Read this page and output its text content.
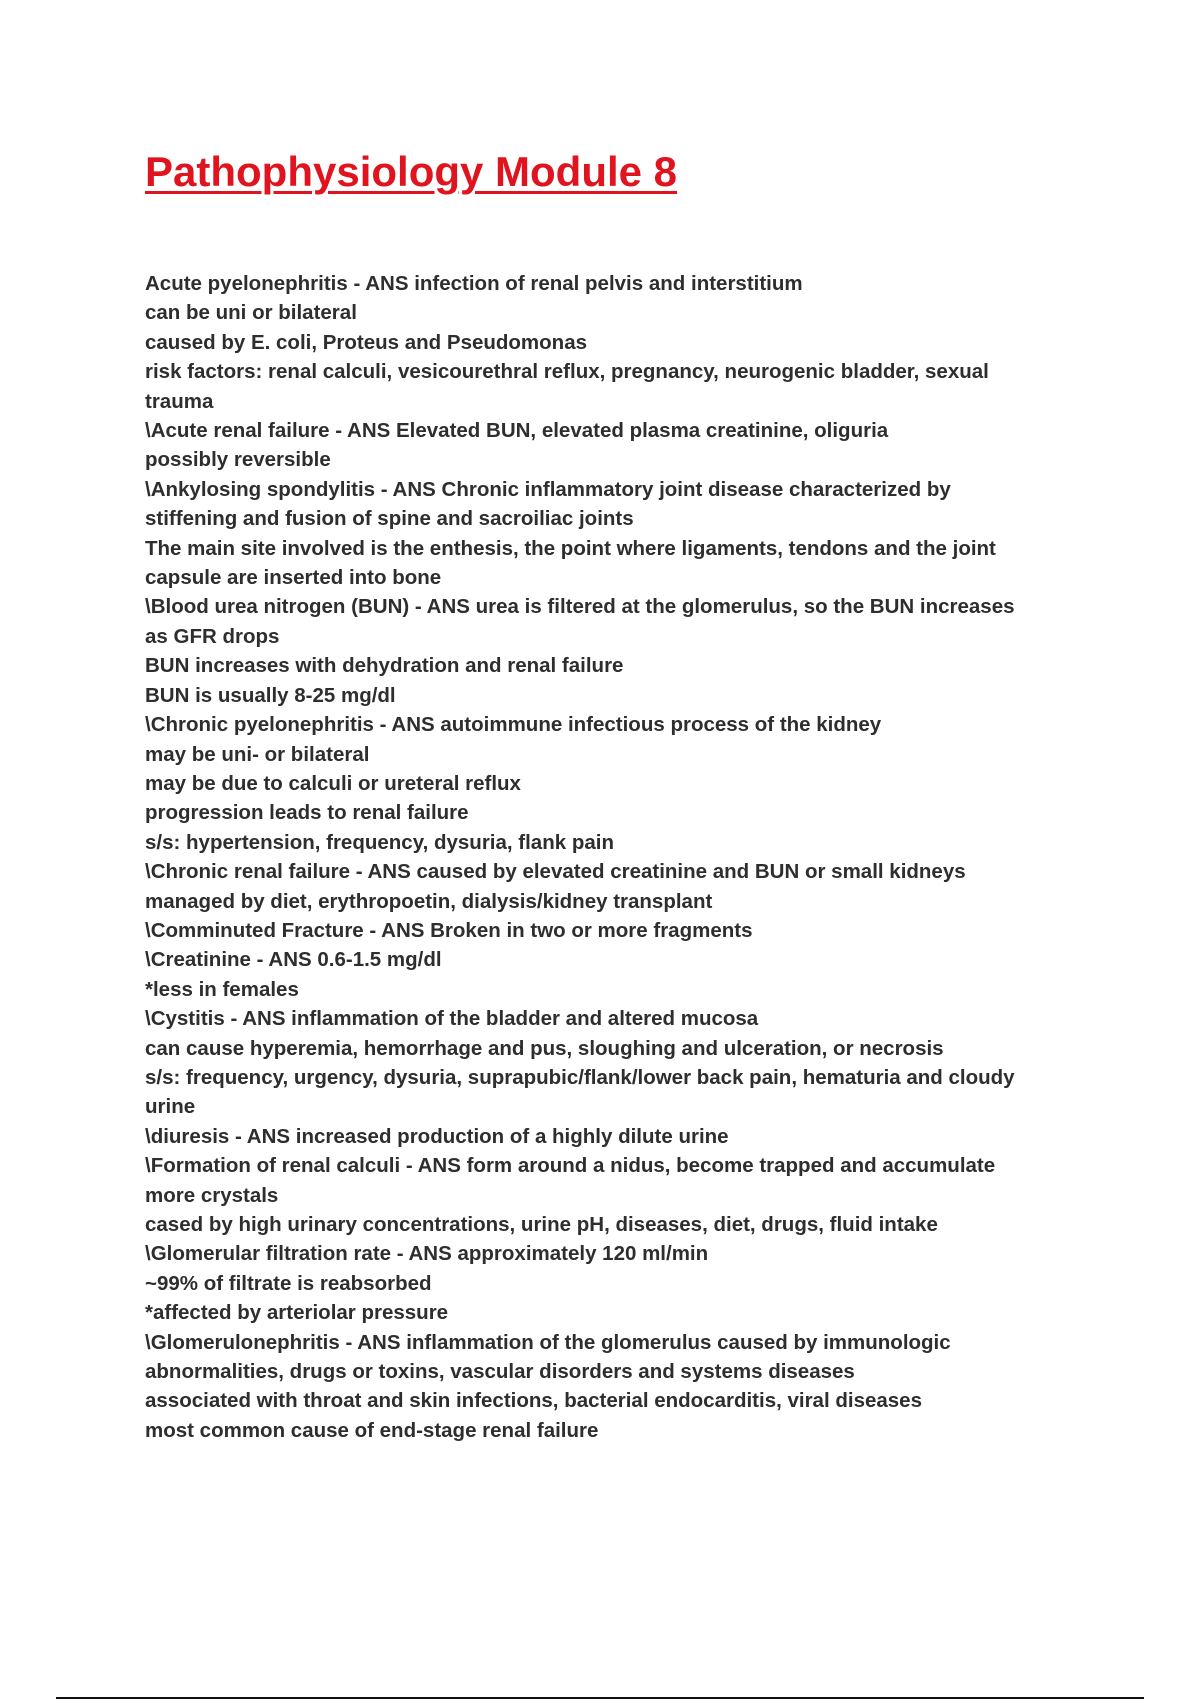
Pathophysiology Module 8
Acute pyelonephritis - ANS infection of renal pelvis and interstitium
can be uni or bilateral
caused by E. coli, Proteus and Pseudomonas
risk factors: renal calculi, vesicourethral reflux, pregnancy, neurogenic bladder, sexual
trauma
\Acute renal failure - ANS Elevated BUN, elevated plasma creatinine, oliguria
possibly reversible
\Ankylosing spondylitis - ANS Chronic inflammatory joint disease characterized by
stiffening and fusion of spine and sacroiliac joints
The main site involved is the enthesis, the point where ligaments, tendons and the joint
capsule are inserted into bone
\Blood urea nitrogen (BUN) - ANS urea is filtered at the glomerulus, so the BUN increases
as GFR drops
BUN increases with dehydration and renal failure
BUN is usually 8-25 mg/dl
\Chronic pyelonephritis - ANS autoimmune infectious process of the kidney
may be uni- or bilateral
may be due to calculi or ureteral reflux
progression leads to renal failure
s/s: hypertension, frequency, dysuria, flank pain
\Chronic renal failure - ANS caused by elevated creatinine and BUN or small kidneys
managed by diet, erythropoetin, dialysis/kidney transplant
\Comminuted Fracture - ANS Broken in two or more fragments
\Creatinine - ANS 0.6-1.5 mg/dl
*less in females
\Cystitis - ANS inflammation of the bladder and altered mucosa
can cause hyperemia, hemorrhage and pus, sloughing and ulceration, or necrosis
s/s: frequency, urgency, dysuria, suprapubic/flank/lower back pain, hematuria and cloudy
urine
\diuresis - ANS increased production of a highly dilute urine
\Formation of renal calculi - ANS form around a nidus, become trapped and accumulate
more crystals
cased by high urinary concentrations, urine pH, diseases, diet, drugs, fluid intake
\Glomerular filtration rate - ANS approximately 120 ml/min
~99% of filtrate is reabsorbed
*affected by arteriolar pressure
\Glomerulonephritis - ANS inflammation of the glomerulus caused by immunologic
abnormalities, drugs or toxins, vascular disorders and systems diseases
associated with throat and skin infections, bacterial endocarditis, viral diseases
most common cause of end-stage renal failure
